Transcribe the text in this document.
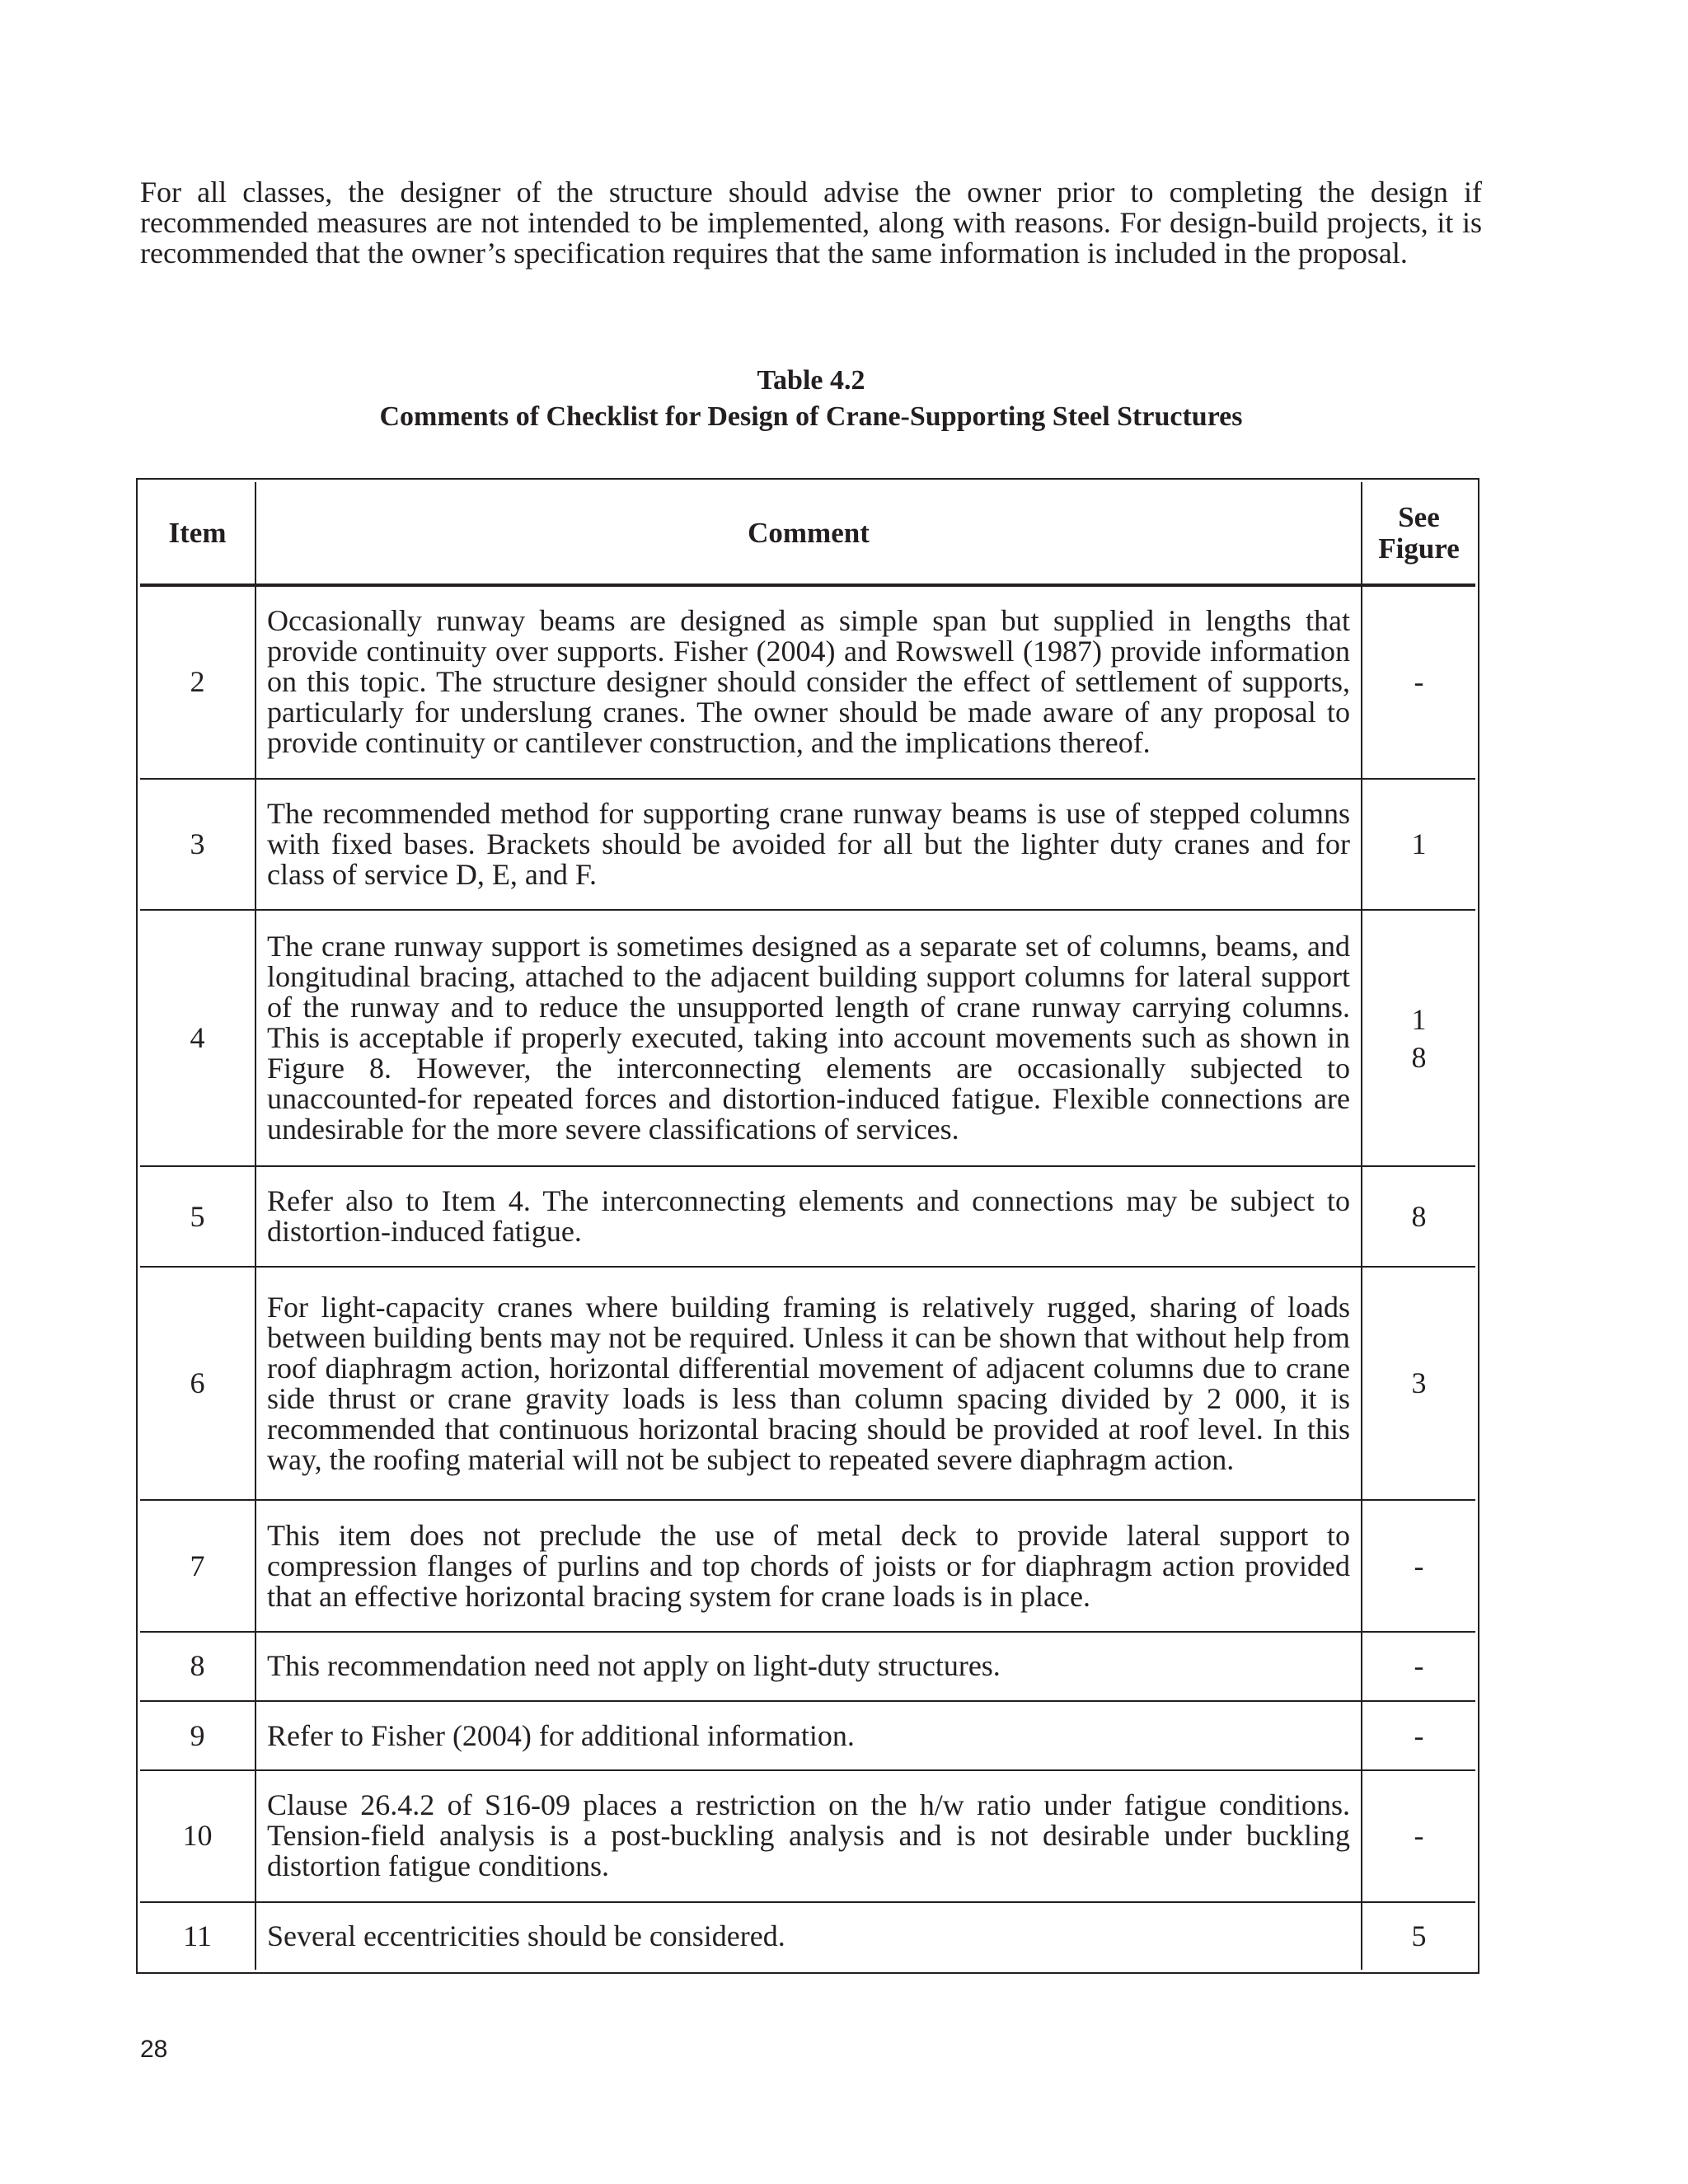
For all classes, the designer of the structure should advise the owner prior to completing the design if recommended measures are not intended to be implemented, along with reasons. For design-build projects, it is recommended that the owner’s specification requires that the same information is included in the proposal.

Table 4.2
Comments of Checklist for Design of Crane-Supporting Steel Structures
Item	Comment	See
Figure

2	Occasionally runway beams are designed as simple span but supplied in lengths that provide continuity over supports. Fisher (2004) and Rowswell (1987) provide information on this topic. The structure designer should consider the effect of settlement of supports, particularly for underslung cranes. The owner should be made aware of any proposal to provide continuity or cantilever construction, and the implications thereof.	-
3	The recommended method for supporting crane runway beams is use of stepped columns with fixed bases. Brackets should be avoided for all but the lighter duty cranes and for class of service D, E, and F.	1
4	The crane runway support is sometimes designed as a separate set of columns, beams, and longitudinal bracing, attached to the adjacent building support columns for lateral support of the runway and to reduce the unsupported length of crane runway carrying columns. This is acceptable if properly executed, taking into account movements such as shown in Figure 8. However, the interconnecting elements are occasionally subjected to unaccounted-for repeated forces and distortion-induced fatigue. Flexible connections are undesirable for the more severe classifications of services.	1
8

5	Refer also to Item 4. The interconnecting elements and connections may be subject to distortion-induced fatigue.	8
6	For light-capacity cranes where building framing is relatively rugged, sharing of loads between building bents may not be required. Unless it can be shown that without help from roof diaphragm action, horizontal differential movement of adjacent columns due to crane side thrust or crane gravity loads is less than column spacing divided by 2 000, it is recommended that continuous horizontal bracing should be provided at roof level. In this way, the roofing material will not be subject to repeated severe diaphragm action.	3
7	This item does not preclude the use of metal deck to provide lateral support to compression flanges of purlins and top chords of joists or for diaphragm action provided that an effective horizontal bracing system for crane loads is in place.	-
8	This recommendation need not apply on light-duty structures.	-
9	Refer to Fisher (2004) for additional information.	-
10	Clause 26.4.2 of S16-09 places a restriction on the h/w ratio under fatigue conditions. Tension-field analysis is a post-buckling analysis and is not desirable under buckling distortion fatigue conditions.	-
11	Several eccentricities should be considered.	5
28
